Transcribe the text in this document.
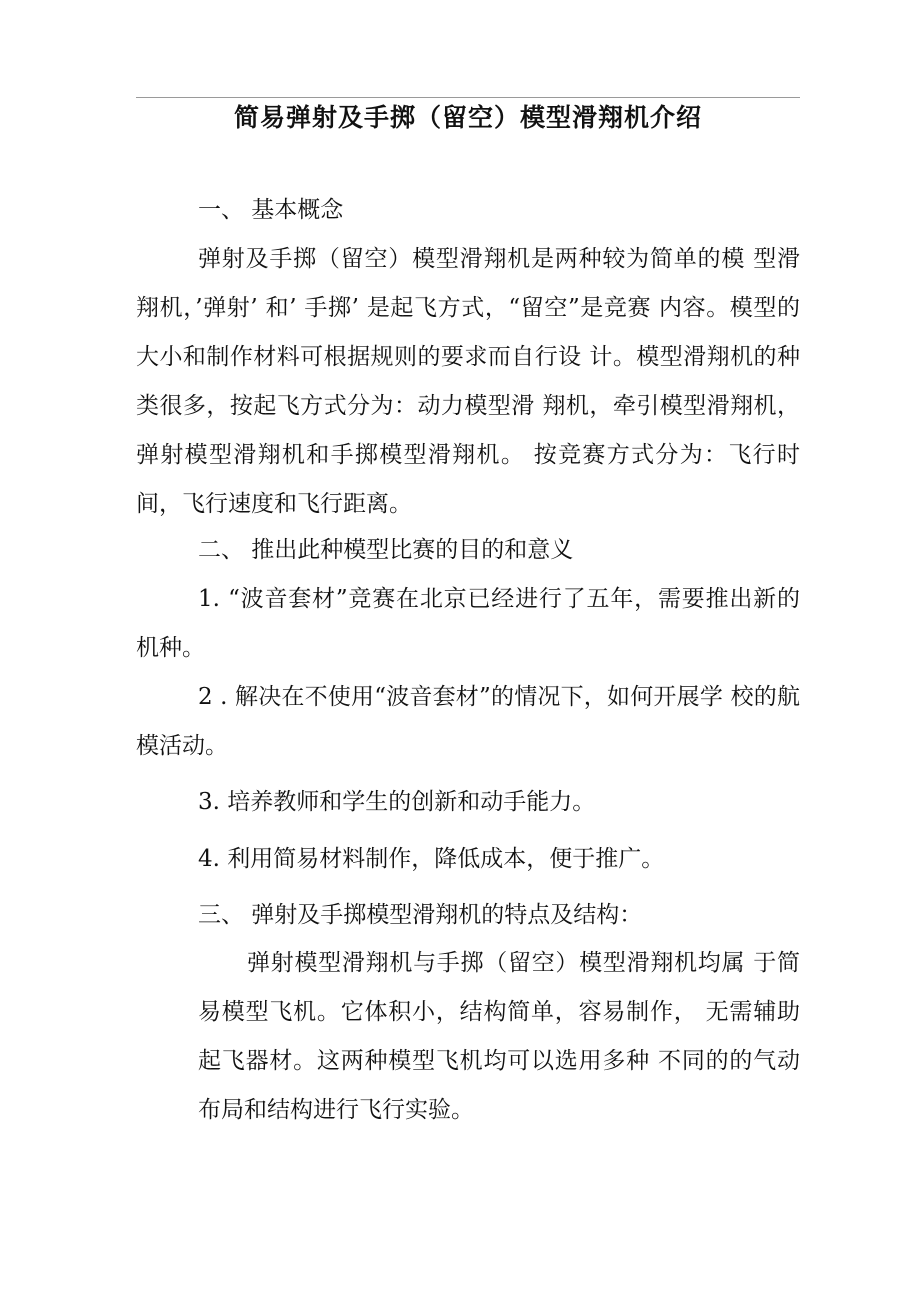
简易弹射及手掷（留空）模型滑翔机介绍

一、 基本概念

弹射及手掷（留空）模型滑翔机是两种较为简单的模 型滑翔机，’弹射’ 和’ 手掷’ 是起飞方式，“留空”是竞赛 内容。模型的大小和制作材料可根据规则的要求而自行设 计。模型滑翔机的种类很多，按起飞方式分为：动力模型滑 翔机，牵引模型滑翔机，弹射模型滑翔机和手掷模型滑翔机。 按竞赛方式分为：飞行时间，飞行速度和飞行距离。

二、 推出此种模型比赛的目的和意义

1. “波音套材”竞赛在北京已经进行了五年，需要推出新的机种。

2 . 解决在不使用“波音套材”的情况下，如何开展学 校的航模活动。

3. 培养教师和学生的创新和动手能力。

4. 利用简易材料制作，降低成本，便于推广。

三、 弹射及手掷模型滑翔机的特点及结构：

弹射模型滑翔机与手掷（留空）模型滑翔机均属 于简易模型飞机。它体积小，结构简单，容易制作， 无需辅助起飞器材。这两种模型飞机均可以选用多种 不同的的气动布局和结构进行飞行实验。
